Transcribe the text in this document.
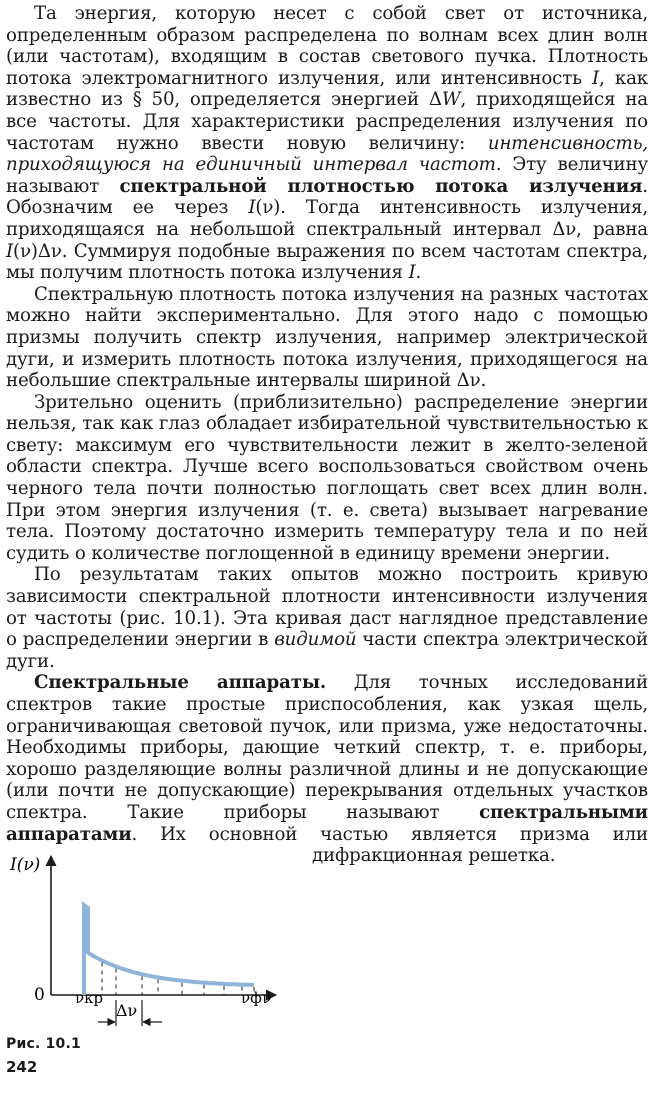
Та энергия, которую несет с собой свет от источника, определенным образом распределена по волнам всех длин волн (или частотам), входящим в состав светового пучка. Плотность потока электромагнитного излучения, или интенсивность I, как известно из § 50, определяется энергией ΔW, приходящейся на все частоты. Для характеристики распределения излучения по частотам нужно ввести новую величину: интенсивность, приходящуюся на единичный интервал частот. Эту величину называют спектральной плотностью потока излучения. Обозначим ее через I(ν). Тогда интенсивность излучения, приходящаяся на небольшой спектральный интервал Δν, равна I(ν)Δν. Суммируя подобные выражения по всем частотам спектра, мы получим плотность потока излучения I.

Спектральную плотность потока излучения на разных частотах можно найти экспериментально. Для этого надо с помощью призмы получить спектр излучения, например электрической дуги, и измерить плотность потока излучения, приходящегося на небольшие спектральные интервалы шириной Δν.

Зрительно оценить (приблизительно) распределение энергии нельзя, так как глаз обладает избирательной чувствительностью к свету: максимум его чувствительности лежит в желто-зеленой области спектра. Лучше всего воспользоваться свойством очень черного тела почти полностью поглощать свет всех длин волн. При этом энергия излучения (т. е. света) вызывает нагревание тела. Поэтому достаточно измерить температуру тела и по ней судить о количестве поглощенной в единицу времени энергии.

По результатам таких опытов можно построить кривую зависимости спектральной плотности интенсивности излучения от частоты (рис. 10.1). Эта кривая даст наглядное представление о распределении энергии в видимой части спектра электрической дуги.

Спектральные аппараты. Для точных исследований спектров такие простые приспособления, как узкая щель, ограничивающая световой пучок, или призма, уже недостаточны. Необходимы приборы, дающие четкий спектр, т. е. приборы, хорошо разделяющие волны различной длины и не допускающие (или почти не допускающие) перекрывания отдельных участков спектра. Такие приборы называют спектральными аппаратами. Их основной частью является призма или дифракционная решетка.

I(ν)
0 νкр
Δν
νф ν
Рис. 10.1
242
